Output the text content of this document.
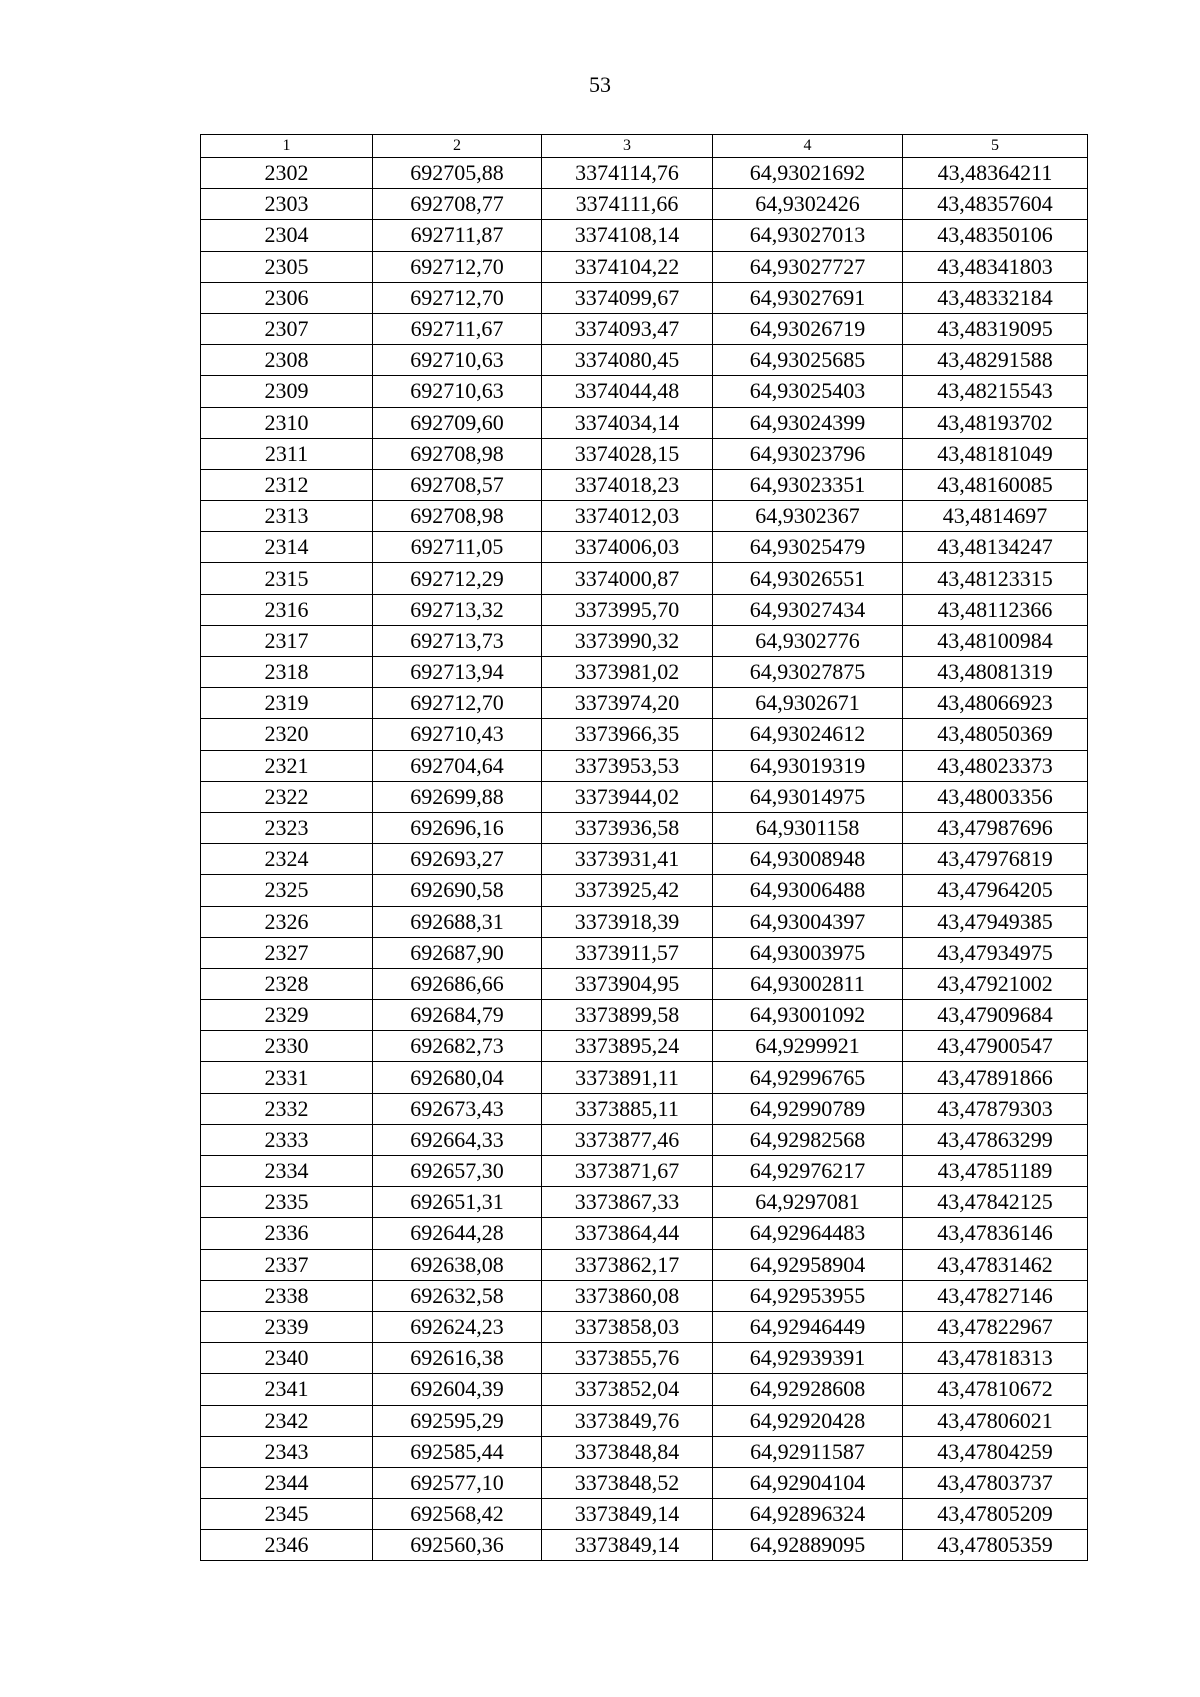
53
1	2	3	4	5
2302	692705,88	3374114,76	64,93021692	43,48364211
2303	692708,77	3374111,66	64,9302426	43,48357604
2304	692711,87	3374108,14	64,93027013	43,48350106
2305	692712,70	3374104,22	64,93027727	43,48341803
2306	692712,70	3374099,67	64,93027691	43,48332184
2307	692711,67	3374093,47	64,93026719	43,48319095
2308	692710,63	3374080,45	64,93025685	43,48291588
2309	692710,63	3374044,48	64,93025403	43,48215543
2310	692709,60	3374034,14	64,93024399	43,48193702
2311	692708,98	3374028,15	64,93023796	43,48181049
2312	692708,57	3374018,23	64,93023351	43,48160085
2313	692708,98	3374012,03	64,9302367	43,4814697
2314	692711,05	3374006,03	64,93025479	43,48134247
2315	692712,29	3374000,87	64,93026551	43,48123315
2316	692713,32	3373995,70	64,93027434	43,48112366
2317	692713,73	3373990,32	64,9302776	43,48100984
2318	692713,94	3373981,02	64,93027875	43,48081319
2319	692712,70	3373974,20	64,9302671	43,48066923
2320	692710,43	3373966,35	64,93024612	43,48050369
2321	692704,64	3373953,53	64,93019319	43,48023373
2322	692699,88	3373944,02	64,93014975	43,48003356
2323	692696,16	3373936,58	64,9301158	43,47987696
2324	692693,27	3373931,41	64,93008948	43,47976819
2325	692690,58	3373925,42	64,93006488	43,47964205
2326	692688,31	3373918,39	64,93004397	43,47949385
2327	692687,90	3373911,57	64,93003975	43,47934975
2328	692686,66	3373904,95	64,93002811	43,47921002
2329	692684,79	3373899,58	64,93001092	43,47909684
2330	692682,73	3373895,24	64,9299921	43,47900547
2331	692680,04	3373891,11	64,92996765	43,47891866
2332	692673,43	3373885,11	64,92990789	43,47879303
2333	692664,33	3373877,46	64,92982568	43,47863299
2334	692657,30	3373871,67	64,92976217	43,47851189
2335	692651,31	3373867,33	64,9297081	43,47842125
2336	692644,28	3373864,44	64,92964483	43,47836146
2337	692638,08	3373862,17	64,92958904	43,47831462
2338	692632,58	3373860,08	64,92953955	43,47827146
2339	692624,23	3373858,03	64,92946449	43,47822967
2340	692616,38	3373855,76	64,92939391	43,47818313
2341	692604,39	3373852,04	64,92928608	43,47810672
2342	692595,29	3373849,76	64,92920428	43,47806021
2343	692585,44	3373848,84	64,92911587	43,47804259
2344	692577,10	3373848,52	64,92904104	43,47803737
2345	692568,42	3373849,14	64,92896324	43,47805209
2346	692560,36	3373849,14	64,92889095	43,47805359
